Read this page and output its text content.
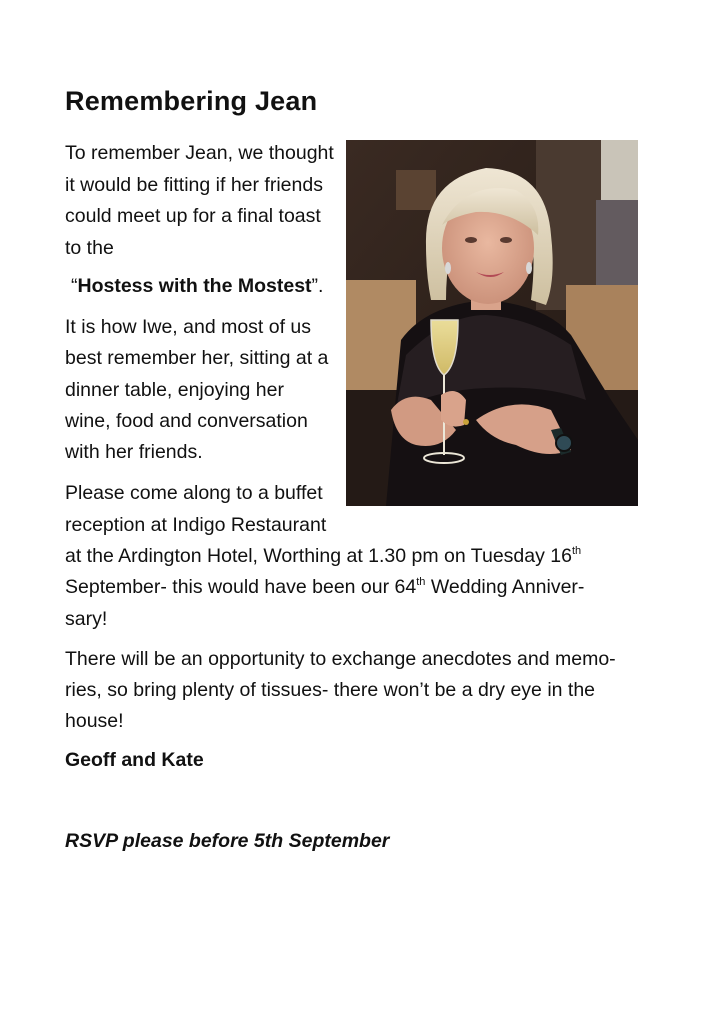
Remembering Jean

To remember Jean, we thought

it would be fitting if her friends

could meet up for a final toast

to the

“Hostess with the Mostest”.

It is how Iwe, and most of us

best remember her, sitting at a

dinner table, enjoying her

wine, food and conversation

with her friends.

Please come along to a buffet

reception at Indigo Restaurant

at the Ardington Hotel, Worthing at 1.30 pm on Tuesday 16th

September- this would have been our 64th Wedding Anniver-

sary!

There will be an opportunity to exchange anecdotes and memo-

ries, so bring plenty of tissues- there won’t be a dry eye in the

house!

Geoff and Kate

RSVP please before 5th September
